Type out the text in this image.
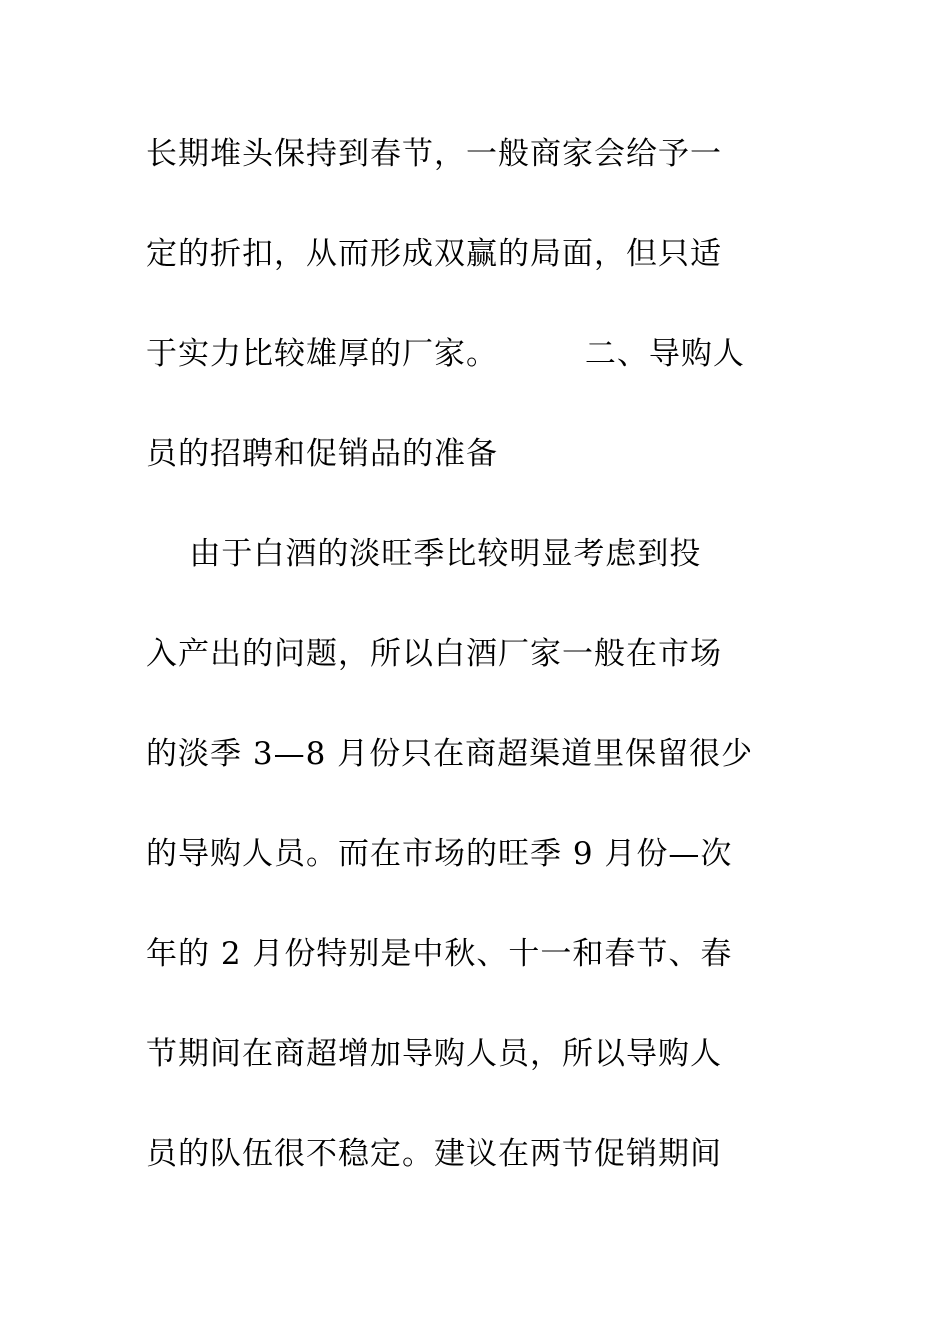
长期堆头保持到春节，一般商家会给予一
定的折扣，从而形成双赢的局面，但只适
于实力比较雄厚的厂家。        二、导购人
员的招聘和促销品的准备
由于白酒的淡旺季比较明显考虑到投
入产出的问题，所以白酒厂家一般在市场
的淡季 3—8 月份只在商超渠道里保留很少
的导购人员。而在市场的旺季 9 月份—次
年的 2 月份特别是中秋、十一和春节、春
节期间在商超增加导购人员，所以导购人
员的队伍很不稳定。建议在两节促销期间
